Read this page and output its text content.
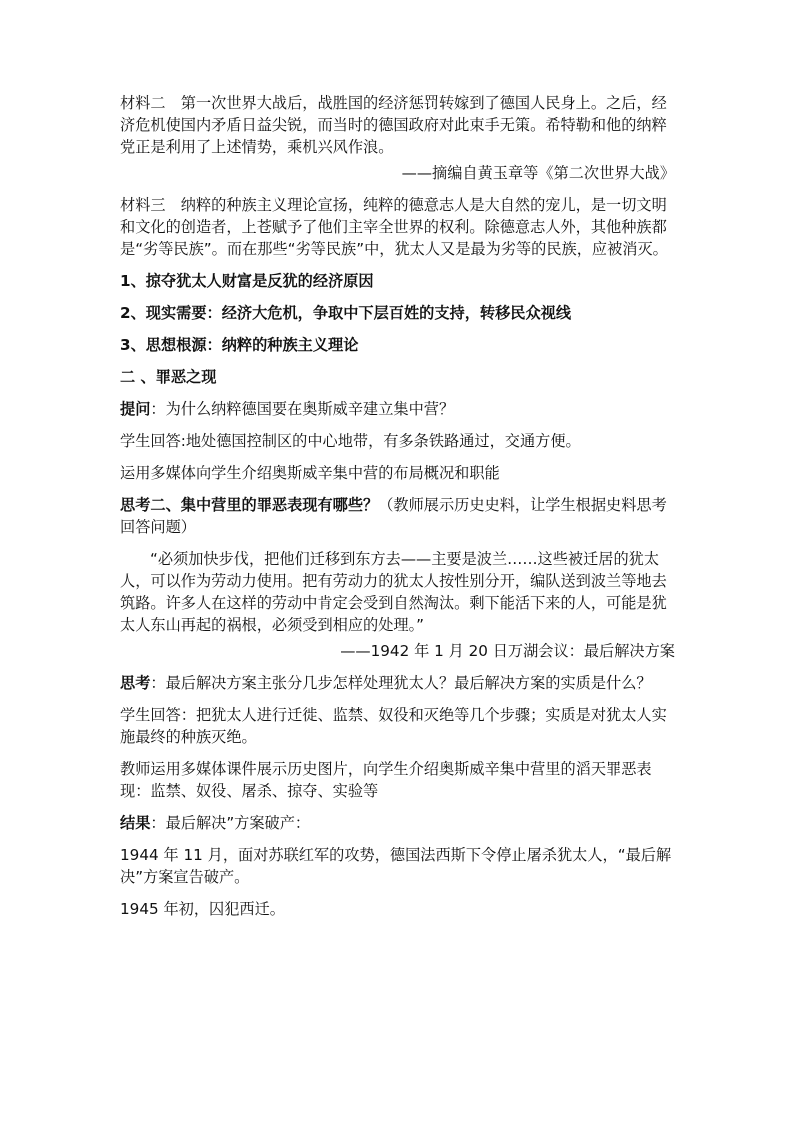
材料二　第一次世界大战后，战胜国的经济惩罚转嫁到了德国人民身上。之后，经济危机使国内矛盾日益尖锐，而当时的德国政府对此束手无策。希特勒和他的纳粹党正是利用了上述情势，乘机兴风作浪。

——摘编自黄玉章等《第二次世界大战》

材料三　纳粹的种族主义理论宣扬，纯粹的德意志人是大自然的宠儿，是一切文明和文化的创造者，上苍赋予了他们主宰全世界的权利。除德意志人外，其他种族都是“劣等民族”。而在那些“劣等民族”中，犹太人又是最为劣等的民族，应被消灭。

1、掠夺犹太人财富是反犹的经济原因

2、现实需要：经济大危机，争取中下层百姓的支持，转移民众视线

3、思想根源：纳粹的种族主义理论

二 、罪恶之现

提问：为什么纳粹德国要在奥斯威辛建立集中营？

学生回答:地处德国控制区的中心地带，有多条铁路通过，交通方便。

运用多媒体向学生介绍奥斯威辛集中营的布局概况和职能

思考二、集中营里的罪恶表现有哪些？（教师展示历史史料，让学生根据史料思考回答问题）

“必须加快步伐，把他们迁移到东方去——主要是波兰……这些被迁居的犹太人，可以作为劳动力使用。把有劳动力的犹太人按性别分开，编队送到波兰等地去筑路。许多人在这样的劳动中肯定会受到自然淘汰。剩下能活下来的人，可能是犹太人东山再起的祸根，必须受到相应的处理。”

——1942 年 1 月 20 日万湖会议：最后解决方案

思考：最后解决方案主张分几步怎样处理犹太人？最后解决方案的实质是什么？

学生回答：把犹太人进行迁徙、监禁、奴役和灭绝等几个步骤；实质是对犹太人实施最终的种族灭绝。

教师运用多媒体课件展示历史图片，向学生介绍奥斯威辛集中营里的滔天罪恶表现：监禁、奴役、屠杀、掠夺、实验等

结果：最后解决”方案破产：

1944 年 11 月，面对苏联红军的攻势，德国法西斯下令停止屠杀犹太人，“最后解决”方案宣告破产。

1945 年初，囚犯西迁。
